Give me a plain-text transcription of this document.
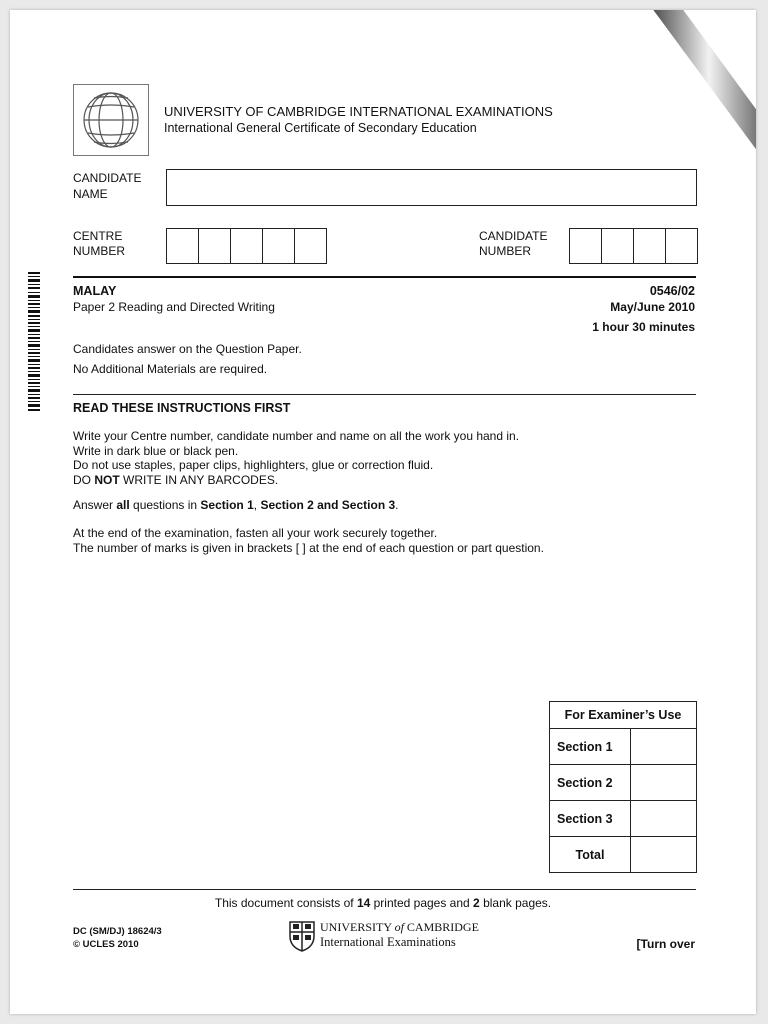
UNIVERSITY OF CAMBRIDGE INTERNATIONAL EXAMINATIONS
International General Certificate of Secondary Education
CANDIDATE
NAME
CENTRE
NUMBER
CANDIDATE
NUMBER
MALAY	0546/02
Paper 2 Reading and Directed Writing	May/June 2010
1 hour 30 minutes
Candidates answer on the Question Paper.
No Additional Materials are required.
READ THESE INSTRUCTIONS FIRST
Write your Centre number, candidate number and name on all the work you hand in.
Write in dark blue or black pen.
Do not use staples, paper clips, highlighters, glue or correction fluid.
DO NOT WRITE IN ANY BARCODES.
Answer all questions in Section 1, Section 2 and Section 3.
At the end of the examination, fasten all your work securely together.
The number of marks is given in brackets [ ] at the end of each question or part question.
For Examiner’s Use	
Section 1	
Section 2	
Section 3	
Total	
This document consists of 14 printed pages and 2 blank pages.
DC (SM/DJ) 18624/3
© UCLES 2010
UNIVERSITY of CAMBRIDGE
International Examinations	[Turn over
